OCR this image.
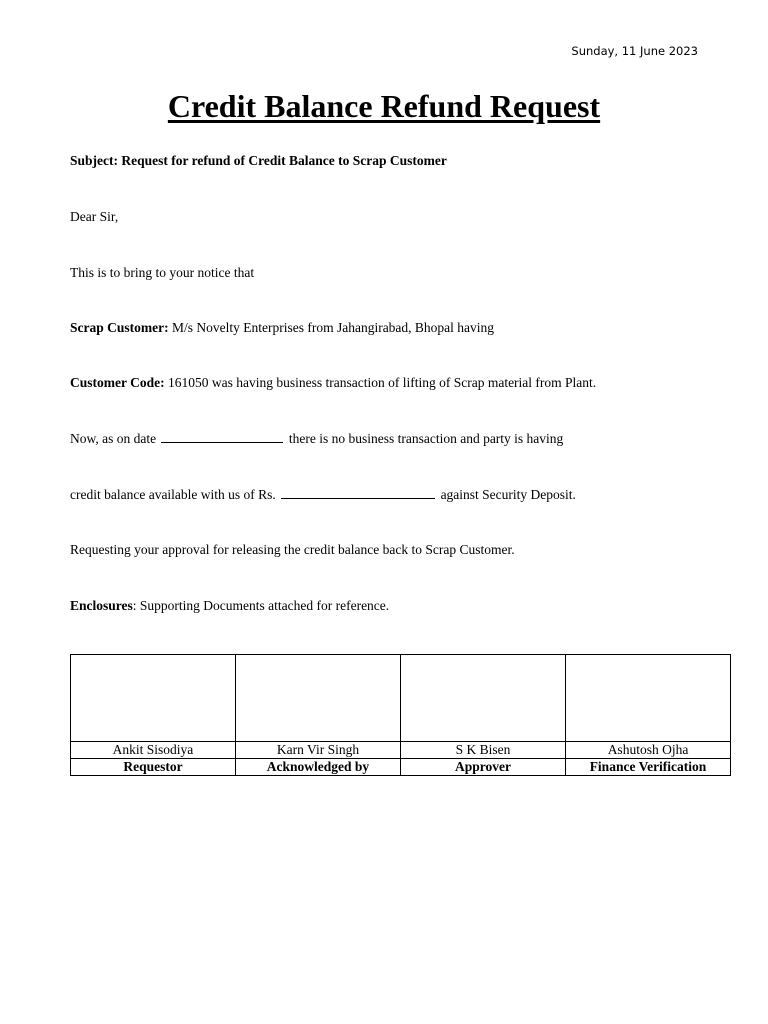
Sunday, 11 June 2023
Credit Balance Refund Request
Subject: Request for refund of Credit Balance to Scrap Customer
Dear Sir,
This is to bring to your notice that
Scrap Customer: M/s Novelty Enterprises from Jahangirabad, Bhopal having
Customer Code: 161050 was having business transaction of lifting of Scrap material from Plant.
Now, as on date	there is no business transaction and party is having
credit balance available with us of Rs.	against Security Deposit.
Requesting your approval for releasing the credit balance back to Scrap Customer.
Enclosures: Supporting Documents attached for reference.

Ankit Sisodiya	Karn Vir Singh	S K Bisen	Ashutosh Ojha
Requestor	Acknowledged by	Approver	Finance Verification
